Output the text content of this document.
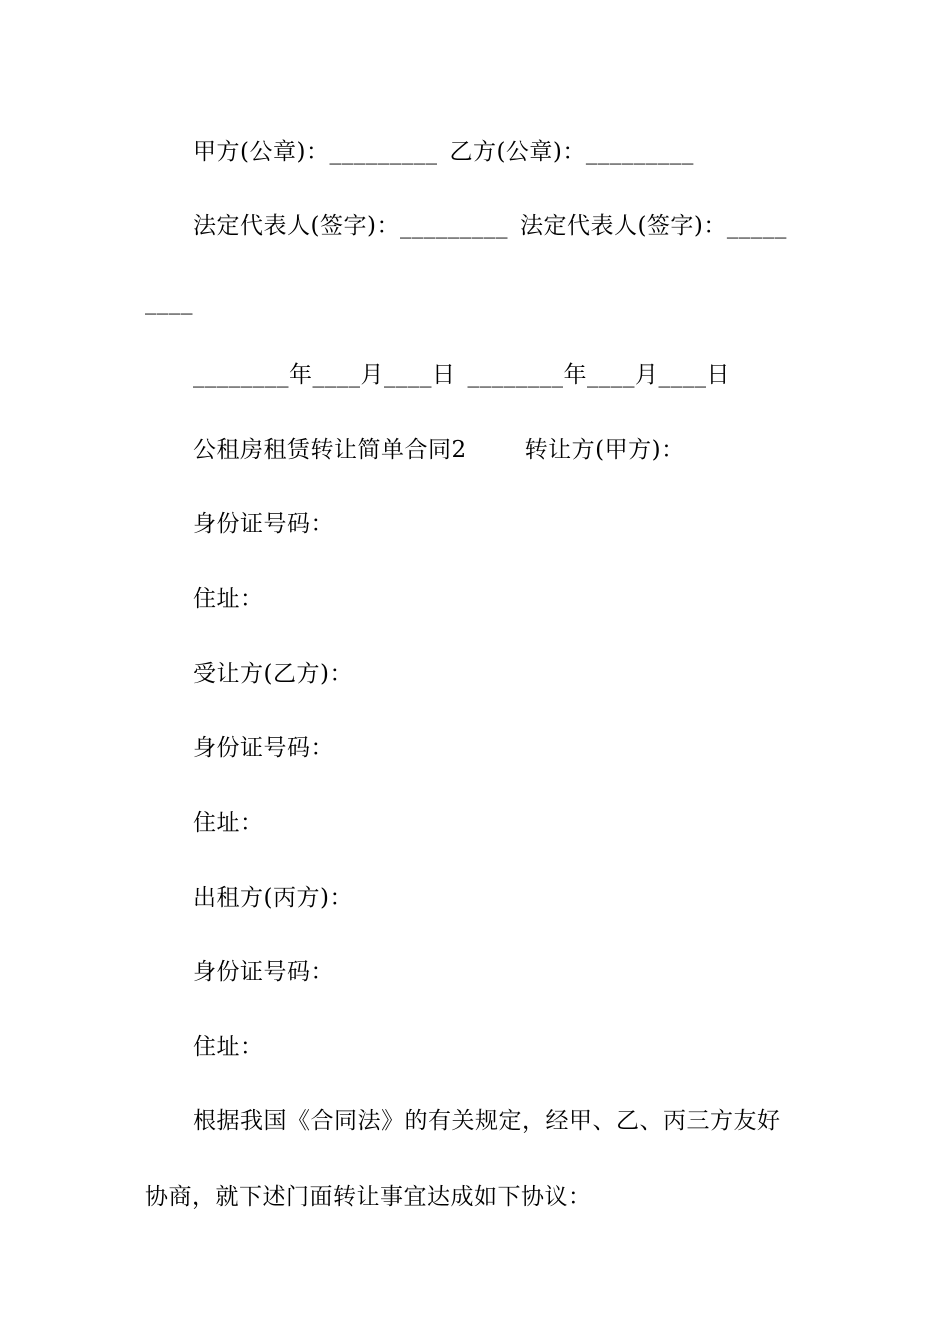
甲方(公章)：_________ 乙方(公章)：_________
法定代表人(签字)：_________ 法定代表人(签字)：_____
____
________年____月____日 ________年____月____日
公租房租赁转让简单合同2	转让方(甲方)：
身份证号码：
住址：
受让方(乙方)：
身份证号码：
住址：
出租方(丙方)：
身份证号码：
住址：
根据我国《合同法》的有关规定，经甲、乙、丙三方友好
协商，就下述门面转让事宜达成如下协议：
